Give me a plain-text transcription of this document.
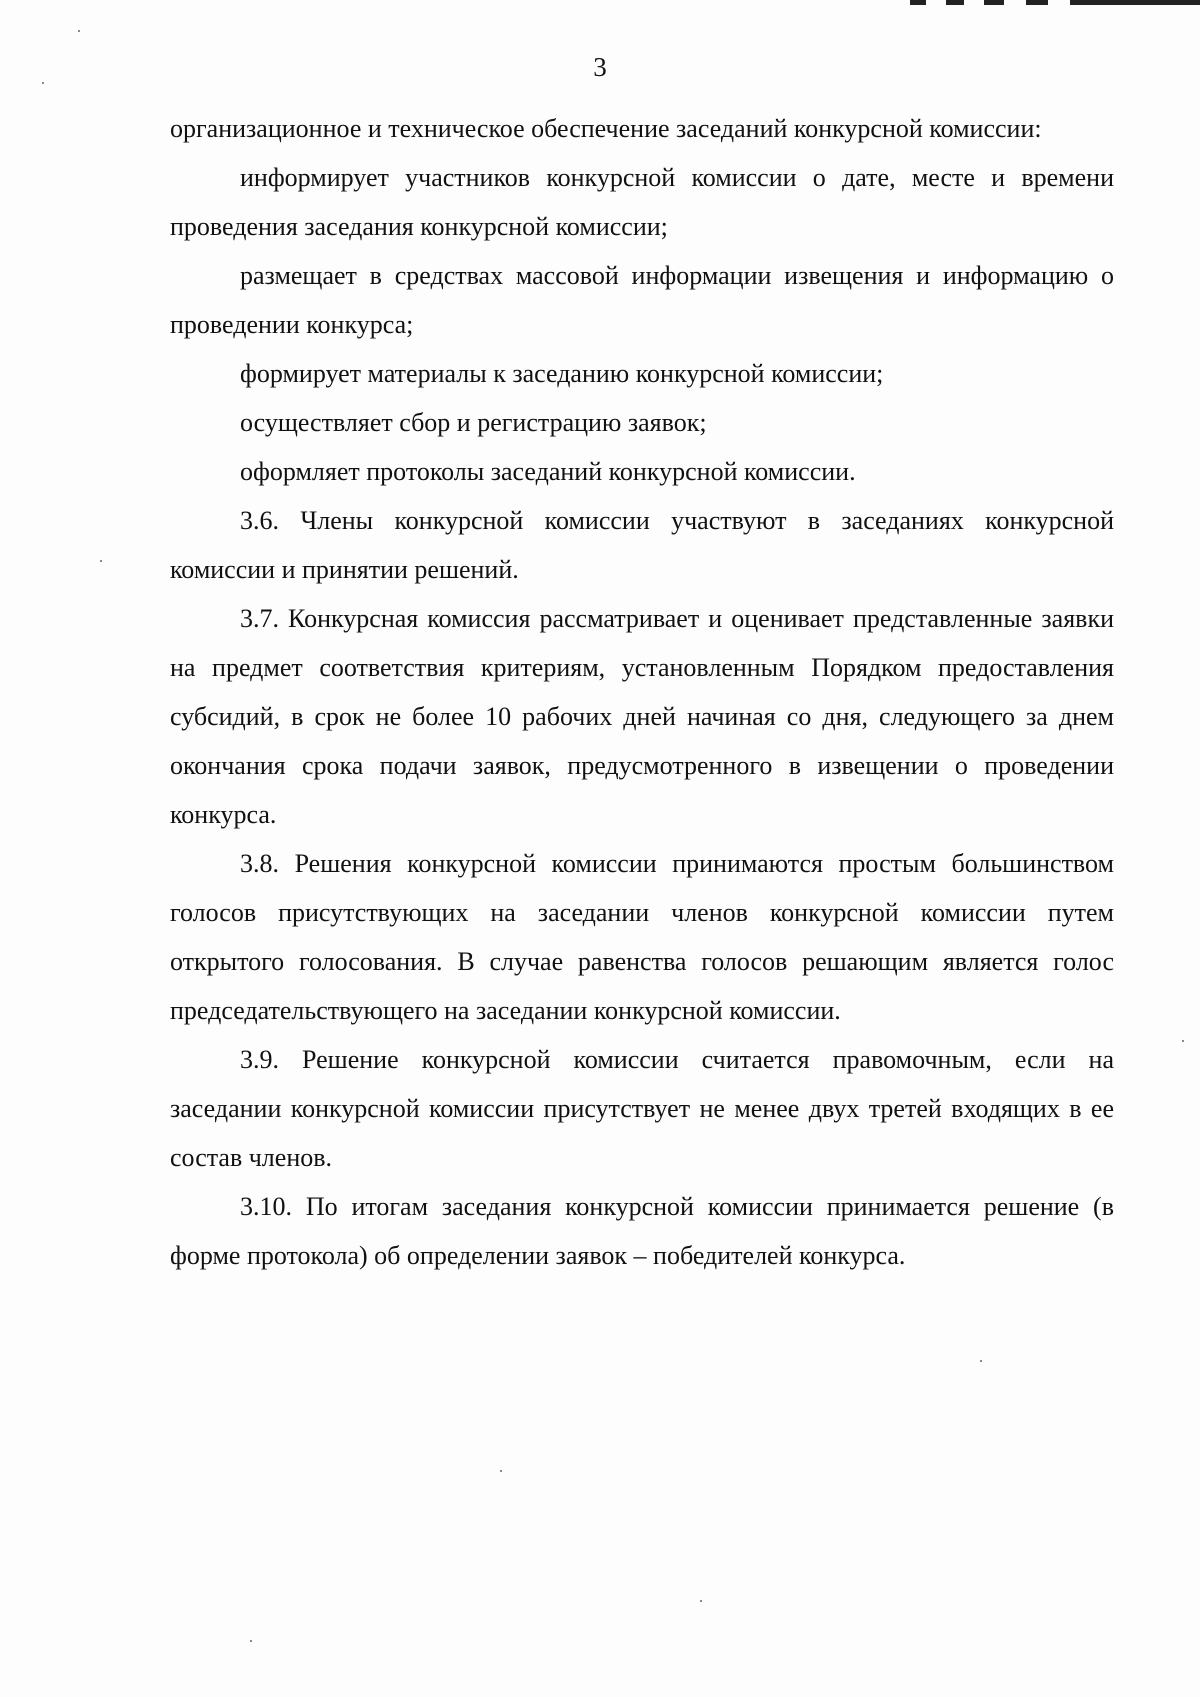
3

организационное и техническое обеспечение заседаний конкурсной комиссии:

информирует участников конкурсной комиссии о дате, месте и времени проведения заседания конкурсной комиссии;

размещает в средствах массовой информации извещения и информацию о проведении конкурса;

формирует материалы к заседанию конкурсной комиссии;

осуществляет сбор и регистрацию заявок;

оформляет протоколы заседаний конкурсной комиссии.

3.6. Члены конкурсной комиссии участвуют в заседаниях конкурсной комиссии и принятии решений.

3.7. Конкурсная комиссия рассматривает и оценивает представленные заявки на предмет соответствия критериям, установленным Порядком предоставления субсидий, в срок не более 10 рабочих дней начиная со дня, следующего за днем окончания срока подачи заявок, предусмотренного в извещении о проведении конкурса.

3.8. Решения конкурсной комиссии принимаются простым большинством голосов присутствующих на заседании членов конкурсной комиссии путем открытого голосования. В случае равенства голосов решающим является голос председательствующего на заседании конкурсной комиссии.

3.9. Решение конкурсной комиссии считается правомочным, если на заседании конкурсной комиссии присутствует не менее двух третей входящих в ее состав членов.

3.10. По итогам заседания конкурсной комиссии принимается решение (в форме протокола) об определении заявок – победителей конкурса.
